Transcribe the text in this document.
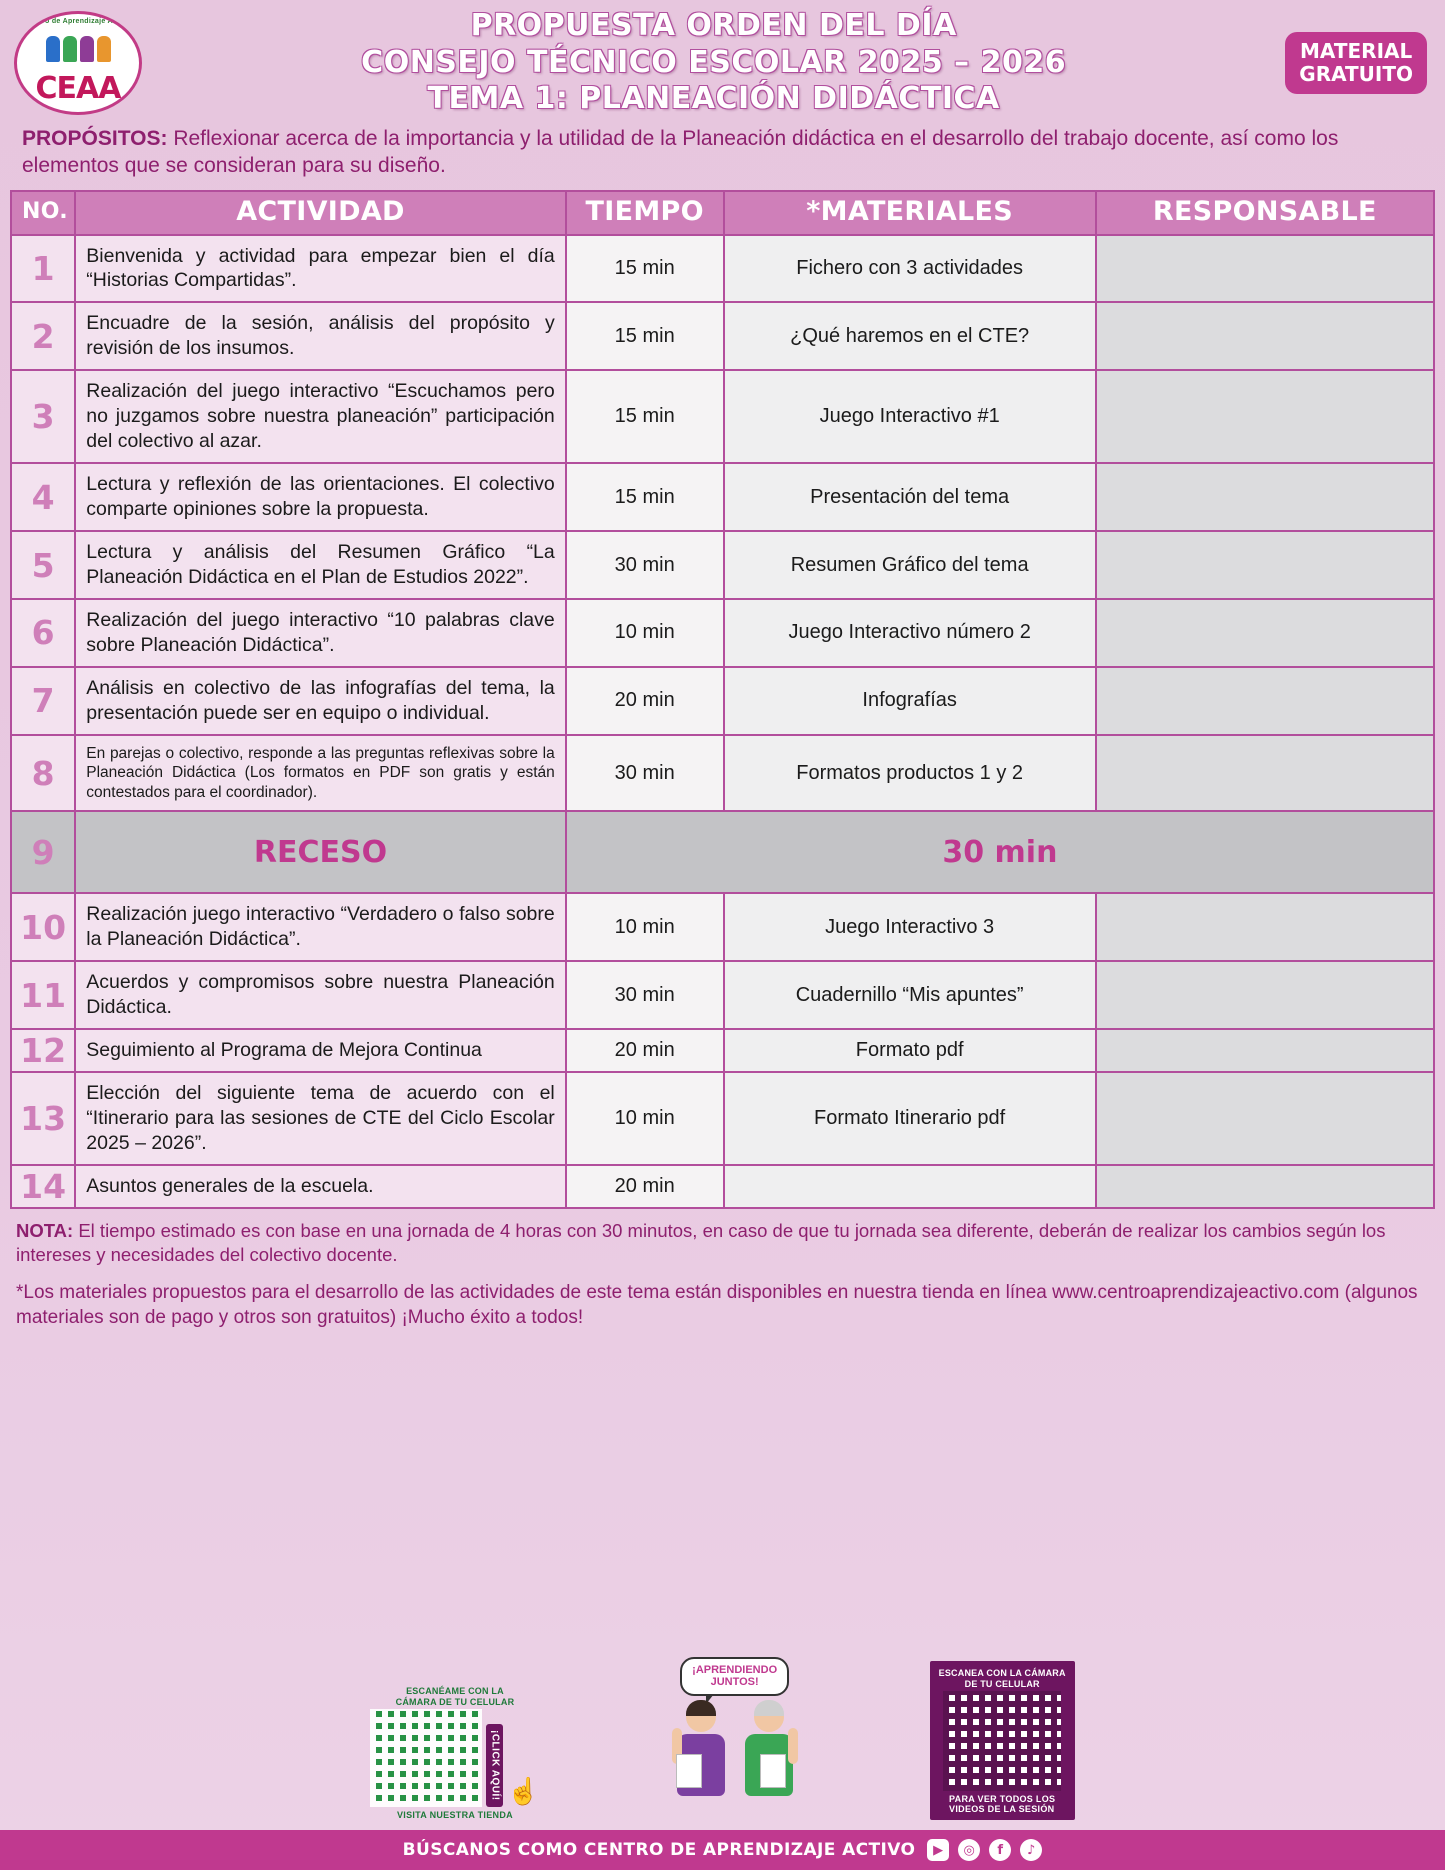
Centro de Aprendizaje Activo
CEAA
PROPUESTA ORDEN DEL DÍA
CONSEJO TÉCNICO ESCOLAR 2025 – 2026
TEMA 1: PLANEACIÓN DIDÁCTICA
MATERIAL
GRATUITO
PROPÓSITOS: Reflexionar acerca de la importancia y la utilidad de la Planeación didáctica en el desarrollo del trabajo docente, así como los elementos que se consideran para su diseño.
NO.	ACTIVIDAD	TIEMPO	*MATERIALES	RESPONSABLE
1	Bienvenida y actividad para empezar bien el día “Historias Compartidas”.	15 min	Fichero con 3 actividades	
2	Encuadre de la sesión, análisis del propósito y revisión de los insumos.	15 min	¿Qué haremos en el CTE?	
3	Realización del juego interactivo “Escuchamos pero no juzgamos sobre nuestra planeación” participación del colectivo al azar.	15 min	Juego Interactivo #1	
4	Lectura y reflexión de las orientaciones. El colectivo comparte opiniones sobre la propuesta.	15 min	Presentación del tema	
5	Lectura y análisis del Resumen Gráfico “La Planeación Didáctica en el Plan de Estudios 2022”.	30 min	Resumen Gráfico del tema	
6	Realización del juego interactivo “10 palabras clave sobre Planeación Didáctica”.	10 min	Juego Interactivo número 2	
7	Análisis en colectivo de las infografías del tema, la presentación puede ser en equipo o individual.	20 min	Infografías	
8	En parejas o colectivo, responde a las preguntas reflexivas sobre la Planeación Didáctica (Los formatos en PDF son gratis y están contestados para el coordinador).	30 min	Formatos productos 1 y 2	
9	RECESO	30 min		
10	Realización juego interactivo “Verdadero o falso sobre la Planeación Didáctica”.	10 min	Juego Interactivo 3	
11	Acuerdos y compromisos sobre nuestra Planeación Didáctica.	30 min	Cuadernillo “Mis apuntes”	
12	Seguimiento al Programa de Mejora Continua	20 min	Formato pdf	
13	Elección del siguiente tema de acuerdo con el “Itinerario para las sesiones de CTE del Ciclo Escolar 2025 – 2026”.	10 min	Formato Itinerario pdf	
14	Asuntos generales de la escuela.	20 min		
NOTA: El tiempo estimado es con base en una jornada de 4 horas con 30 minutos, en caso de que tu jornada sea diferente, deberán de realizar los cambios según los intereses y necesidades del colectivo docente.
*Los materiales propuestos para el desarrollo de las actividades de este tema están disponibles en nuestra tienda en línea www.centroaprendizajeactivo.com (algunos materiales son de pago y otros son gratuitos) ¡Mucho éxito a todos!
ESCANÉAME CON LA
CÁMARA DE TU CELULAR
¡CLICK AQUÍ! ☝
VISITA NUESTRA TIENDA
¡APRENDIENDO
JUNTOS!
ESCANEA CON LA CÁMARA
DE TU CELULAR
PARA VER TODOS LOS
VIDEOS DE LA SESIÓN
BÚSCANOS COMO CENTRO DE APRENDIZAJE ACTIVO	▶	◎	f	♪
